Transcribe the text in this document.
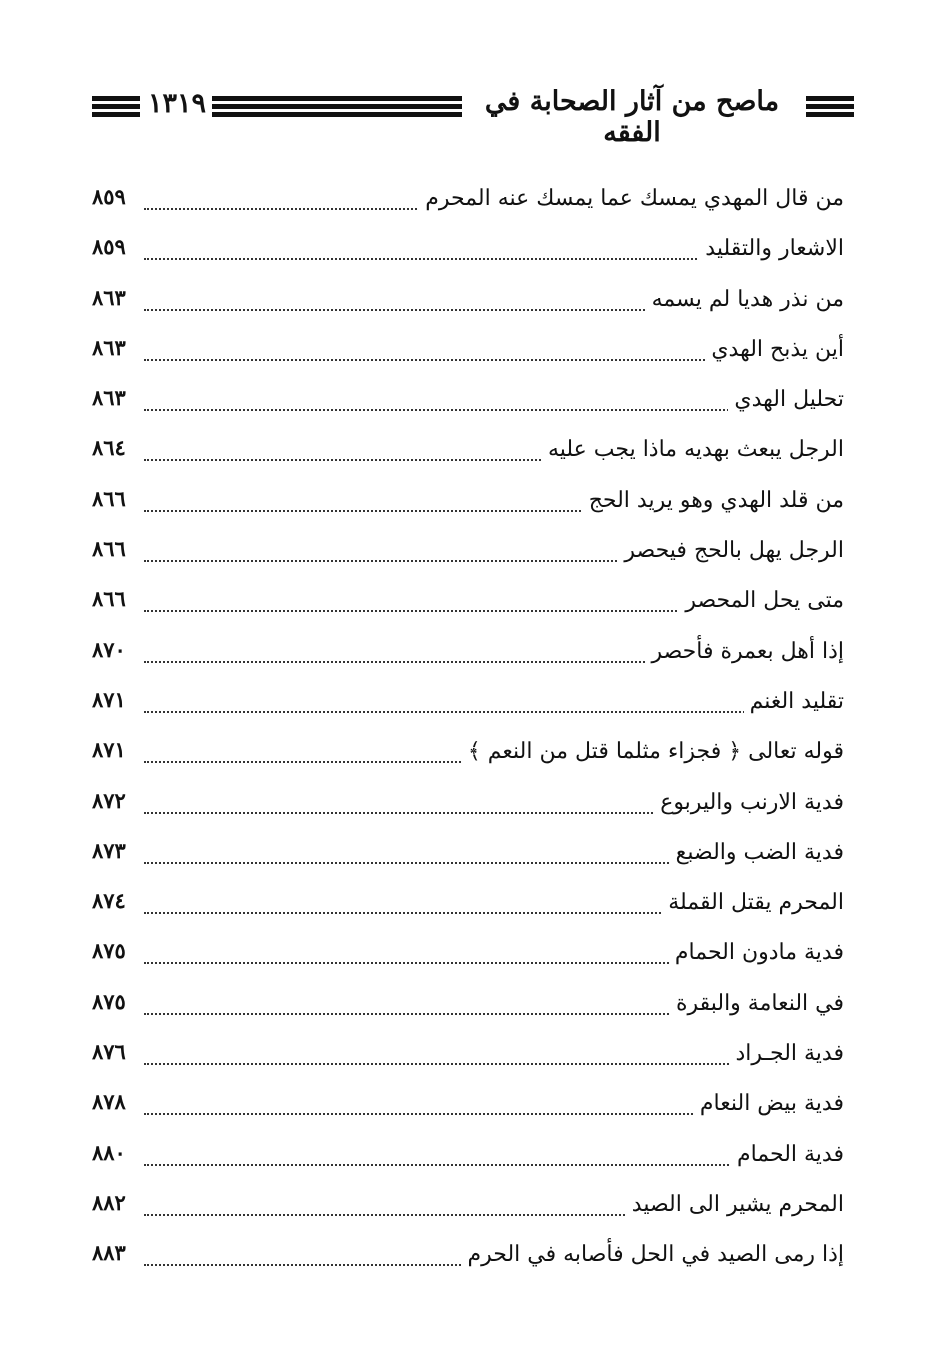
١٣١٩	ماصح من آثار الصحابة في الفقه
من قال المهدي يمسك عما يمسك عنه المحرم
٨٥٩
الاشعار والتقليد
٨٥٩
من نذر هديا لم يسمه
٨٦٣
أين يذبح الهدي
٨٦٣
تحليل الهدي
٨٦٣
الرجل يبعث بهديه ماذا يجب عليه
٨٦٤
من قلد الهدي وهو يريد الحج
٨٦٦
الرجل يهل بالحج فيحصر
٨٦٦
متى يحل المحصر
٨٦٦
إذا أهل بعمرة فأحصر
٨٧٠
تقليد الغنم
٨٧١
قوله تعالى ﴿ فجزاء مثلما قتل من النعم ﴾
٨٧١
فدية الارنب واليربوع
٨٧٢
فدية الضب والضبع
٨٧٣
المحرم يقتل القملة
٨٧٤
فدية مادون الحمام
٨٧٥
في النعامة والبقرة
٨٧٥
فدية الجـراد
٨٧٦
فدية بيض النعام
٨٧٨
فدية الحمام
٨٨٠
المحرم يشير الى الصيد
٨٨٢
إذا رمى الصيد في الحل فأصابه في الحرم
٨٨٣
